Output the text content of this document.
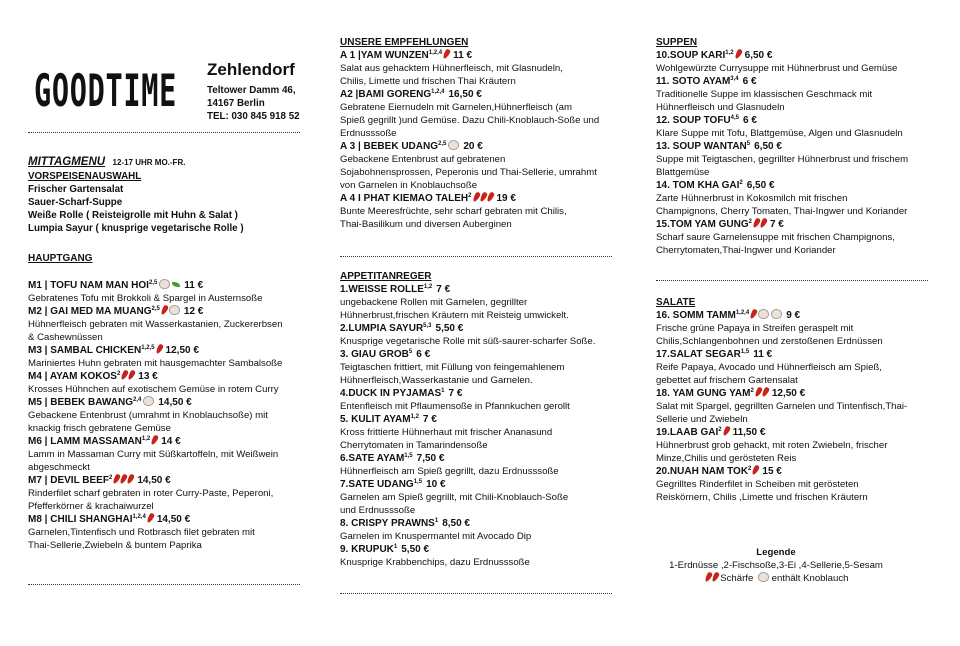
GOODTIME Zehlendorf
Teltower Damm 46,
14167 Berlin
TEL: 030 845 918 52
MITTAGMENU 12-17 UHR MO.-FR.
VORSPEISENAUSWAHL
Frischer Gartensalat
Sauer-Scharf-Suppe
Weiße Rolle ( Reisteigrolle mit Huhn & Salat )
Lumpia Sayur ( knusprige vegetarische Rolle )
HAUPTGANG
M1 | TOFU NAM MAN HOI$^{2,5}$	11 €
Gebratenes Tofu mit Brokkoli & Spargel in Austernsoße
M2 | GAI MED MA MUANG$^{2,5}$ 12 €
Hühnerfleisch gebraten mit Wasserkastanien, Zuckererbsen
& Cashewnüssen
M3 | SAMBAL CHICKEN$^{1,2,5}$ 12,50 €
Mariniertes Huhn gebraten mit hausgemachter Sambalsoße
M4 | AYAM KOKOS$^2$ 13 €
Krosses Hühnchen auf exotischem Gemüse in rotem Curry
M5 | BEBEK BAWANG$^{2,4}$ 14,50 €
Gebackene Entenbrust (umrahmt in Knoblauchsoße) mit
knackig frisch gebratene Gemüse
M6 | LAMM MASSAMAN$^{1,2}$ 14 €
Lamm in Massaman Curry mit Süßkartoffeln, mit Weißwein
abgeschmeckt
M7 | DEVIL BEEF$^2$	14,50 €
Rinderfilet scharf gebraten in roter Curry-Paste, Peperoni,
Pfefferkörner & krachaiwurzel
M8 | CHILI SHANGHAI$^{1,2,4}$ 14,50 €
Garnelen,Tintenfisch und Rotbrasch filet gebraten mit
Thai-Sellerie,Zwiebeln & buntem Paprika
UNSERE EMPFEHLUNGEN
A 1 |YAM WUNZEN$^{1,2,4}$ 11 €
Salat aus gehacktem Hühnerfleisch, mit Glasnudeln,
Chilis, Limette und frischen Thai Kräutern
A2 |BAMI GORENG$^{1,2,4}$ 16,50 €
Gebratene Eiernudeln mit Garnelen,Hühnerfleisch (am
Spieß gegrillt )und Gemüse. Dazu Chili-Knoblauch-Soße und
Erdnusssoße
A 3 | BEBEK UDANG$^{2,5}$ 20 €
Gebackene Entenbrust auf gebratenen
Sojabohnensprossen, Peperonis und Thai-Sellerie, umrahmt
von Garnelen in Knoblauchsoße
A 4 I PHAT KIEMAO TALEH$^2$	19 €
Bunte Meeresfrüchte, sehr scharf gebraten mit Chilis,
Thai-Basilikum und diversen Auberginen
APPETITANREGER
1.WEISSE ROLLE$^{1,2}$ 7 €
ungebackene Rollen mit Garnelen, gegrillter
Hühnerbrust,frischen Kräutern mit Reisteig umwickelt.
2.LUMPIA SAYUR$^{5,3}$ 5,50 €
Knusprige vegetarische Rolle mit süß-saurer-scharfer Soße.
3. GIAU GROB$^5$ 6 €
Teigtaschen frittiert, mit Füllung von feingemahlenem
Hühnerfleisch,Wasserkastanie und Garnelen.
4.DUCK IN PYJAMAS$^1$ 7 €
Entenfleisch mit Pflaumensoße in Pfannkuchen gerollt
5. KULIT AYAM$^{1,2}$ 7 €
Kross frittierte Hühnerhaut mit frischer Ananasund
Cherrytomaten in Tamarindensoße
6.SATE AYAM$^{1,5}$ 7,50 €
Hühnerfleisch am Spieß gegrillt, dazu Erdnusssoße
7.SATE UDANG$^{1,5}$ 10 €
Garnelen am Spieß gegrillt, mit Chili-Knoblauch-Soße
und Erdnusssoße
8. CRISPY PRAWNS$^1$ 8,50 €
Garnelen im Knuspermantel mit Avocado Dip
9. KRUPUK$^1$ 5,50 €
Knusprige Krabbenchips, dazu Erdnusssoße
SUPPEN
10.SOUP KARI$^{1,2}$ 6,50 €
Wohlgewürzte Currysuppe mit Hühnerbrust und Gemüse
11. SOTO AYAM$^{3,4}$ 6 €
Traditionelle Suppe im klassischen Geschmack mit
Hühnerfleisch und Glasnudeln
12. SOUP TOFU$^{4,5}$ 6 €
Klare Suppe mit Tofu, Blattgemüse, Algen und Glasnudeln
13. SOUP WANTAN$^5$ 6,50 €
Suppe mit Teigtaschen, gegrillter Hühnerbrust und frischem
Blattgemüse
14. TOM KHA GAI$^2$ 6,50 €
Zarte Hühnerbrust in Kokosmilch mit frischen
Champignons, Cherry Tomaten, Thai-Ingwer und Koriander
15.TOM YAM GUNG$^2$ 7 €
Scharf saure Garnelensuppe mit frischen Champignons,
Cherrytomaten,Thai-Ingwer und Koriander
SALATE
16. SOMM TAMM$^{1,2,4}$	9 €
Frische grüne Papaya in Streifen geraspelt mit
Chilis,Schlangenbohnen und zerstoßenen Erdnüssen
17.SALAT SEGAR$^{1,5}$ 11 €
Reife Papaya, Avocado und Hühnerfleisch am Spieß,
gebettet auf frischem Gartensalat
18. YAM GUNG YAM$^2$ 12,50 €
Salat mit Spargel, gegrillten Garnelen und Tintenfisch,Thai-
Sellerie und Zwiebeln
19.LAAB GAI$^2$ 11,50 €
Hühnerbrust grob gehackt, mit roten Zwiebeln, frischer
Minze,Chilis und gerösteten Reis
20.NUAH NAM TOK$^2$ 15 €
Gegrilltes Rinderfilet in Scheiben mit gerösteten
Reiskörnern, Chilis ,Limette und frischen Kräutern
Legende
1-Erdnüsse ,2-Fischsoße,3-Ei ,4-Sellerie,5-Sesam
Schärfe enthält Knoblauch
